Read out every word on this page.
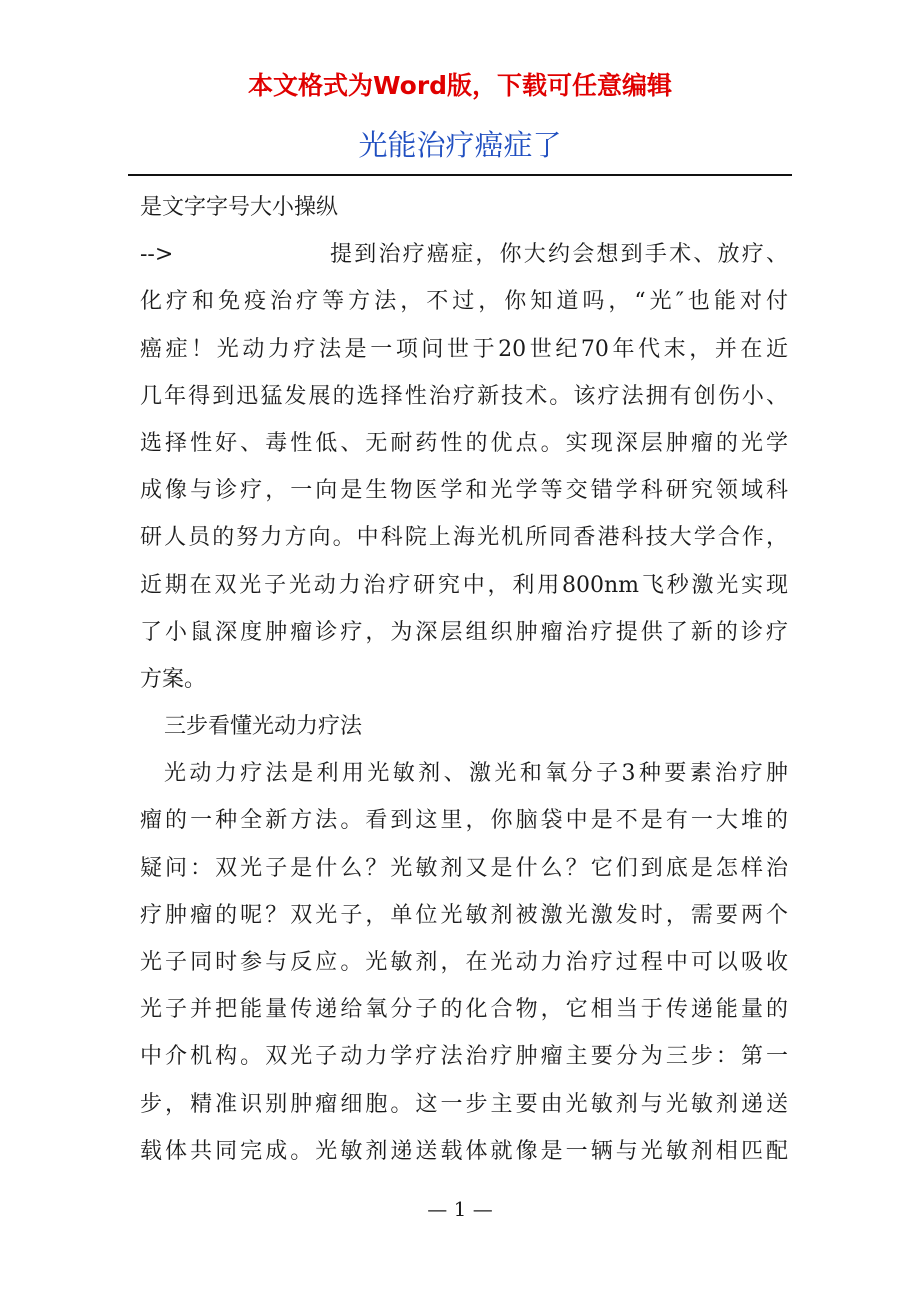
本文格式为Word版，下载可任意编辑
光能治疗癌症了
是文字字号大小操纵
-->	提到治疗癌症，你大约会想到手术、放疗、
化疗和免疫治疗等方法，不过，你知道吗，“光″也能对付
癌症！光动力疗法是一项问世于20世纪70年代末，并在近
几年得到迅猛发展的选择性治疗新技术。该疗法拥有创伤小、
选择性好、毒性低、无耐药性的优点。实现深层肿瘤的光学
成像与诊疗，一向是生物医学和光学等交错学科研究领域科
研人员的努力方向。中科院上海光机所同香港科技大学合作，
近期在双光子光动力治疗研究中，利用800nm飞秒激光实现
了小鼠深度肿瘤诊疗，为深层组织肿瘤治疗提供了新的诊疗
方案。
三步看懂光动力疗法
光动力疗法是利用光敏剂、激光和氧分子3种要素治疗肿
瘤的一种全新方法。看到这里，你脑袋中是不是有一大堆的
疑问：双光子是什么？光敏剂又是什么？它们到底是怎样治
疗肿瘤的呢？双光子，单位光敏剂被激光激发时，需要两个
光子同时参与反应。光敏剂，在光动力治疗过程中可以吸收
光子并把能量传递给氧分子的化合物，它相当于传递能量的
中介机构。双光子动力学疗法治疗肿瘤主要分为三步：第一
步，精准识别肿瘤细胞。这一步主要由光敏剂与光敏剂递送
载体共同完成。光敏剂递送载体就像是一辆与光敏剂相匹配
— 1 —
